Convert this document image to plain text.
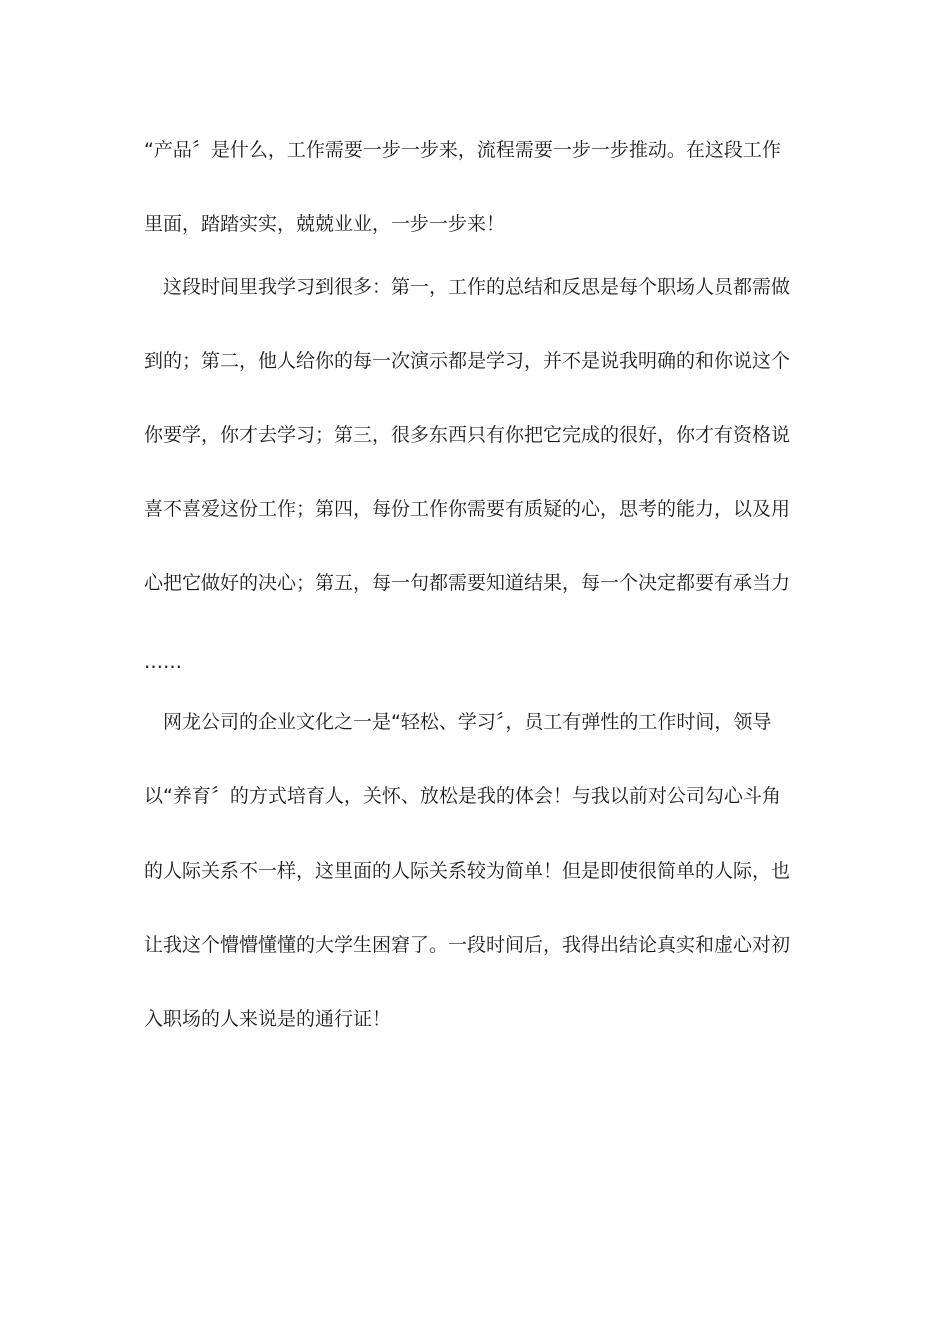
“产品〞是什么，工作需要一步一步来，流程需要一步一步推动。在这段工作
里面，踏踏实实，兢兢业业，一步一步来！
这段时间里我学习到很多：第一，工作的总结和反思是每个职场人员都需做
到的；第二，他人给你的每一次演示都是学习，并不是说我明确的和你说这个
你要学，你才去学习；第三，很多东西只有你把它完成的很好，你才有资格说
喜不喜爱这份工作；第四，每份工作你需要有质疑的心，思考的能力，以及用
心把它做好的决心；第五，每一句都需要知道结果，每一个决定都要有承当力
……
网龙公司的企业文化之一是“轻松、学习〞，员工有弹性的工作时间，领导
以“养育〞的方式培育人，关怀、放松是我的体会！与我以前对公司勾心斗角
的人际关系不一样，这里面的人际关系较为简单！但是即使很简单的人际，也
让我这个懵懵懂懂的大学生困窘了。一段时间后，我得出结论真实和虚心对初
入职场的人来说是的通行证！
